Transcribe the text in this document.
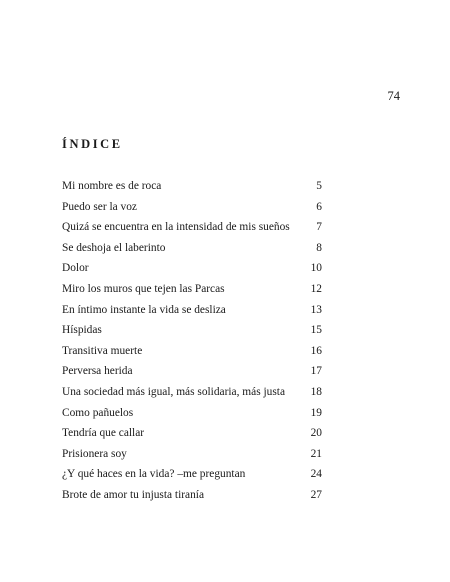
74
ÍNDICE
Mi nombre es de roca	5
Puedo ser la voz	6
Quizá se encuentra en la intensidad de mis sueños 7
Se deshoja el laberinto	8
Dolor	10
Miro los muros que tejen las Parcas	12
En íntimo instante la vida se desliza	13
Híspidas	15
Transitiva muerte	16
Perversa herida	17
Una sociedad más igual, más solidaria, más justa 18
Como pañuelos	19
Tendría que callar	20
Prisionera soy	21
¿Y qué haces en la vida? –me preguntan	24
Brote de amor tu injusta tiranía	27
